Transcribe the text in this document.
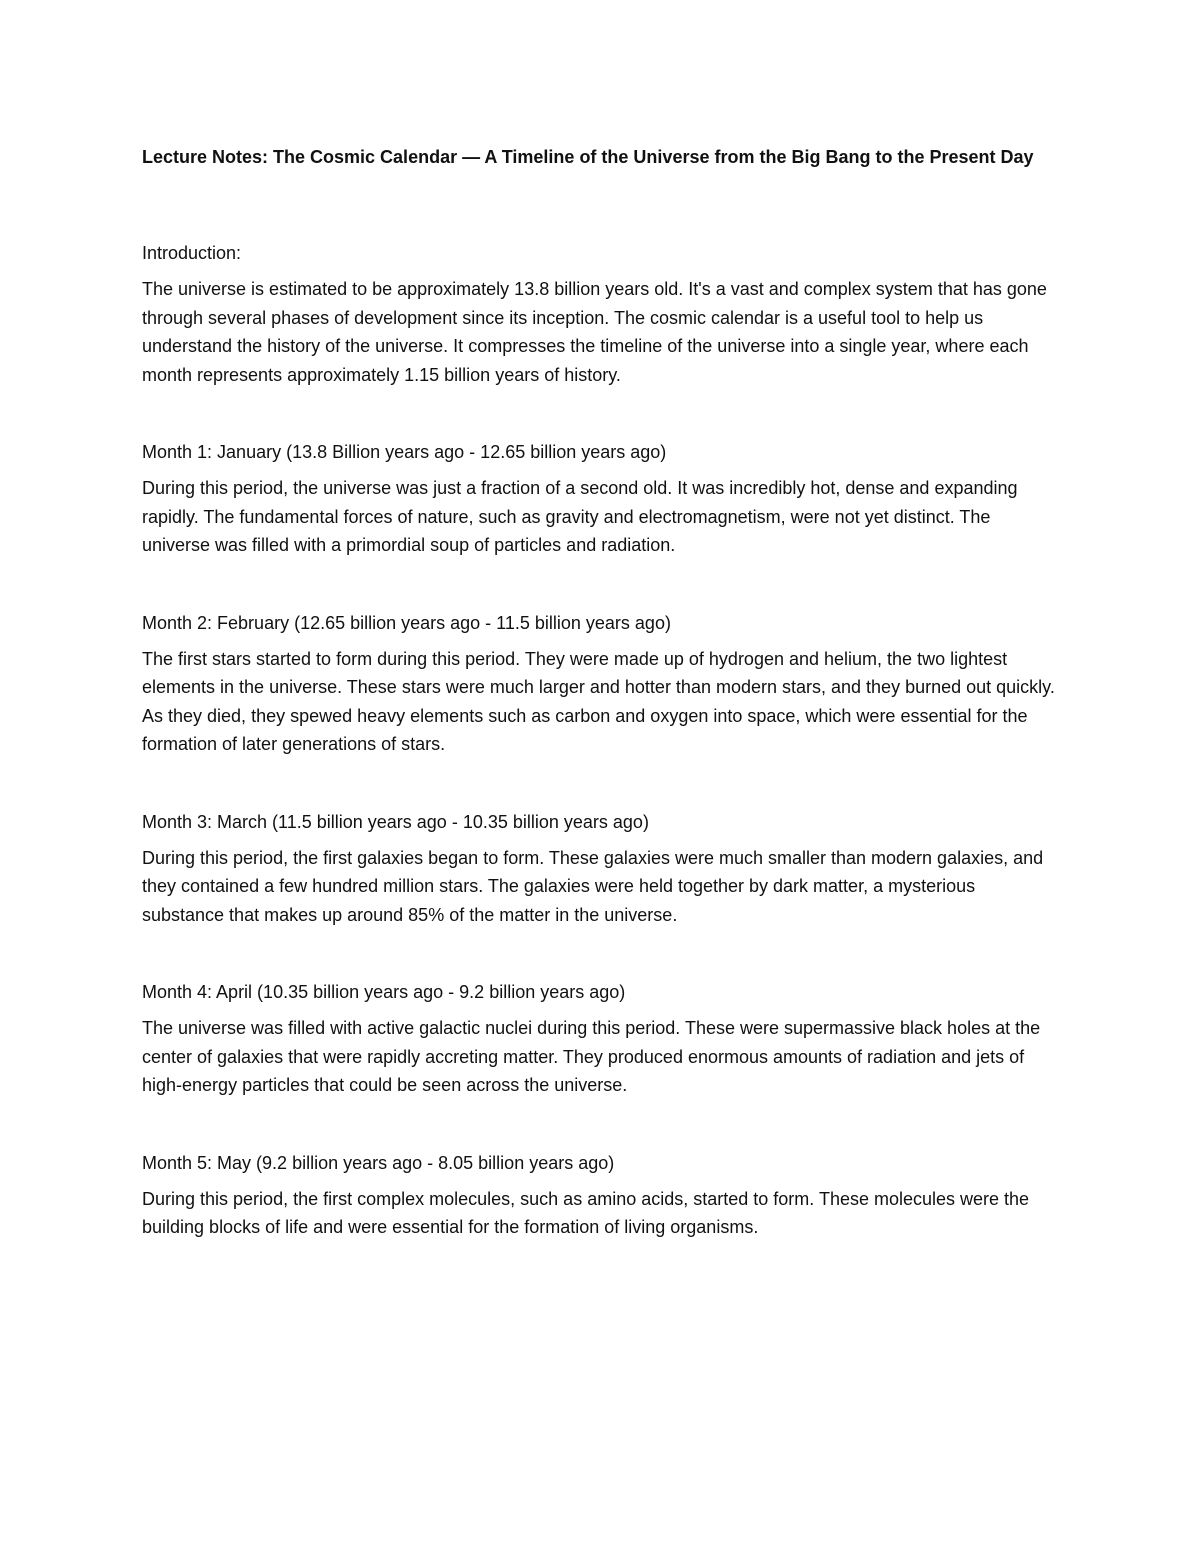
Lecture Notes: The Cosmic Calendar — A Timeline of the Universe from the Big Bang to the Present Day
Introduction:
The universe is estimated to be approximately 13.8 billion years old. It's a vast and complex system that has gone through several phases of development since its inception. The cosmic calendar is a useful tool to help us understand the history of the universe. It compresses the timeline of the universe into a single year, where each month represents approximately 1.15 billion years of history.
Month 1: January (13.8 Billion years ago - 12.65 billion years ago)
During this period, the universe was just a fraction of a second old. It was incredibly hot, dense and expanding rapidly. The fundamental forces of nature, such as gravity and electromagnetism, were not yet distinct. The universe was filled with a primordial soup of particles and radiation.
Month 2: February (12.65 billion years ago - 11.5 billion years ago)
The first stars started to form during this period. They were made up of hydrogen and helium, the two lightest elements in the universe. These stars were much larger and hotter than modern stars, and they burned out quickly. As they died, they spewed heavy elements such as carbon and oxygen into space, which were essential for the formation of later generations of stars.
Month 3: March (11.5 billion years ago - 10.35 billion years ago)
During this period, the first galaxies began to form. These galaxies were much smaller than modern galaxies, and they contained a few hundred million stars. The galaxies were held together by dark matter, a mysterious substance that makes up around 85% of the matter in the universe.
Month 4: April (10.35 billion years ago - 9.2 billion years ago)
The universe was filled with active galactic nuclei during this period. These were supermassive black holes at the center of galaxies that were rapidly accreting matter. They produced enormous amounts of radiation and jets of high-energy particles that could be seen across the universe.
Month 5: May (9.2 billion years ago - 8.05 billion years ago)
During this period, the first complex molecules, such as amino acids, started to form. These molecules were the building blocks of life and were essential for the formation of living organisms.
